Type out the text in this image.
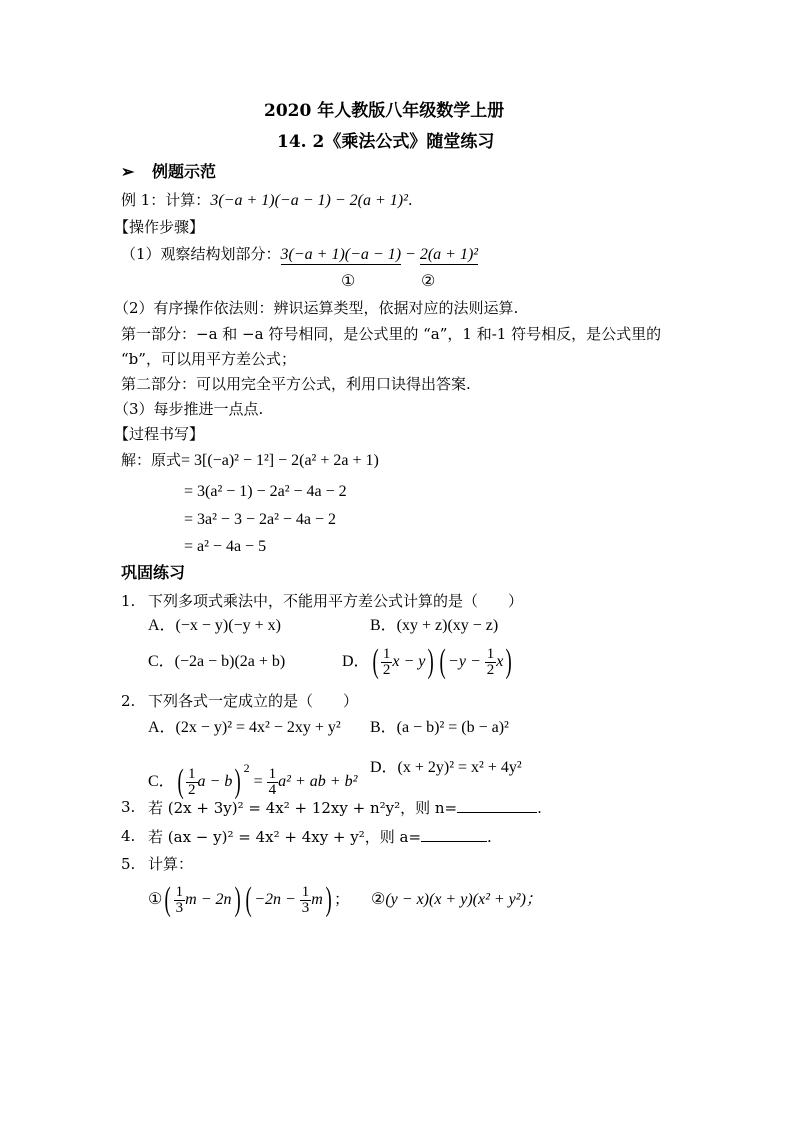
2020 年人教版八年级数学上册
14. 2《乘法公式》随堂练习
➢ 例题示范
例 1：计算：3(−a + 1)(−a − 1) − 2(a + 1)².
【操作步骤】
（1）观察结构划部分：3(−a + 1)(−a − 1) − 2(a + 1)²
①	②
（2）有序操作依法则：辨识运算类型，依据对应的法则运算.
第一部分：−a 和 −a 符号相同，是公式里的 “a”，1 和-1 符号相反，是公式里的
“b”，可以用平方差公式；
第二部分：可以用完全平方公式，利用口诀得出答案.
（3）每步推进一点点.
【过程书写】
解：原式= 3[(−a)² − 1²] − 2(a² + 2a + 1)
= 3(a² − 1) − 2a² − 4a − 2
= 3a² − 3 − 2a² − 4a − 2
= a² − 4a − 5
巩固练习
1. 下列多项式乘法中，不能用平方差公式计算的是（　　）
A．(−x − y)(−y + x)	B．(xy + z)(xy − z)
C．(−2a − b)(2a + b)	D．( $\frac{1}{2}$ x − y) ( $-y - \frac{1}{2} x$)
2. 下列各式一定成立的是（　　）
A．(2x − y)² = 4x² − 2xy + y² B．(a − b)² = (b − a)²
C．( $\frac{1}{2}$ a − b) $^2 = \frac{1}{4} a^2$ + ab + b²
D．(x + 2y)² = x² + 4y²
3. 若 (2x + 3y)² = 4x² + 12xy + n²y²，则 n=	.
4. 若 (ax − y)² = 4x² + 4xy + y²，则 a=	.
5. 计算：
①( $\frac{1}{3}$ m − 2n) ( $-2n - \frac{1}{3} m$) ； ②(y − x)(x + y)(x² + y²)；
